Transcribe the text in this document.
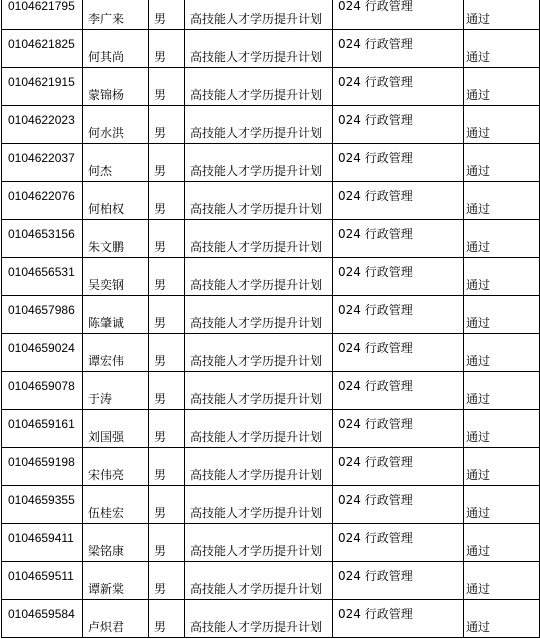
0104621795	李广来	男	高技能人才学历提升计划	024 行政管理	通过

0104621825	何其尚	男	高技能人才学历提升计划	024 行政管理	通过

0104621915	蒙锦杨	男	高技能人才学历提升计划	024 行政管理	通过

0104622023	何水洪	男	高技能人才学历提升计划	024 行政管理	通过

0104622037	何杰	男	高技能人才学历提升计划	024 行政管理	通过

0104622076	何柏权	男	高技能人才学历提升计划	024 行政管理	通过

0104653156	朱文鹏	男	高技能人才学历提升计划	024 行政管理	通过

0104656531	吴奕钢	男	高技能人才学历提升计划	024 行政管理	通过

0104657986	陈肇诚	男	高技能人才学历提升计划	024 行政管理	通过

0104659024	谭宏伟	男	高技能人才学历提升计划	024 行政管理	通过

0104659078	于涛	男	高技能人才学历提升计划	024 行政管理	通过

0104659161	刘国强	男	高技能人才学历提升计划	024 行政管理	通过

0104659198	宋伟亮	男	高技能人才学历提升计划	024 行政管理	通过

0104659355	伍桂宏	男	高技能人才学历提升计划	024 行政管理	通过

0104659411	梁铭康	男	高技能人才学历提升计划	024 行政管理	通过

0104659511	谭新棠	男	高技能人才学历提升计划	024 行政管理	通过

0104659584	卢炽君	男	高技能人才学历提升计划	024 行政管理	通过
